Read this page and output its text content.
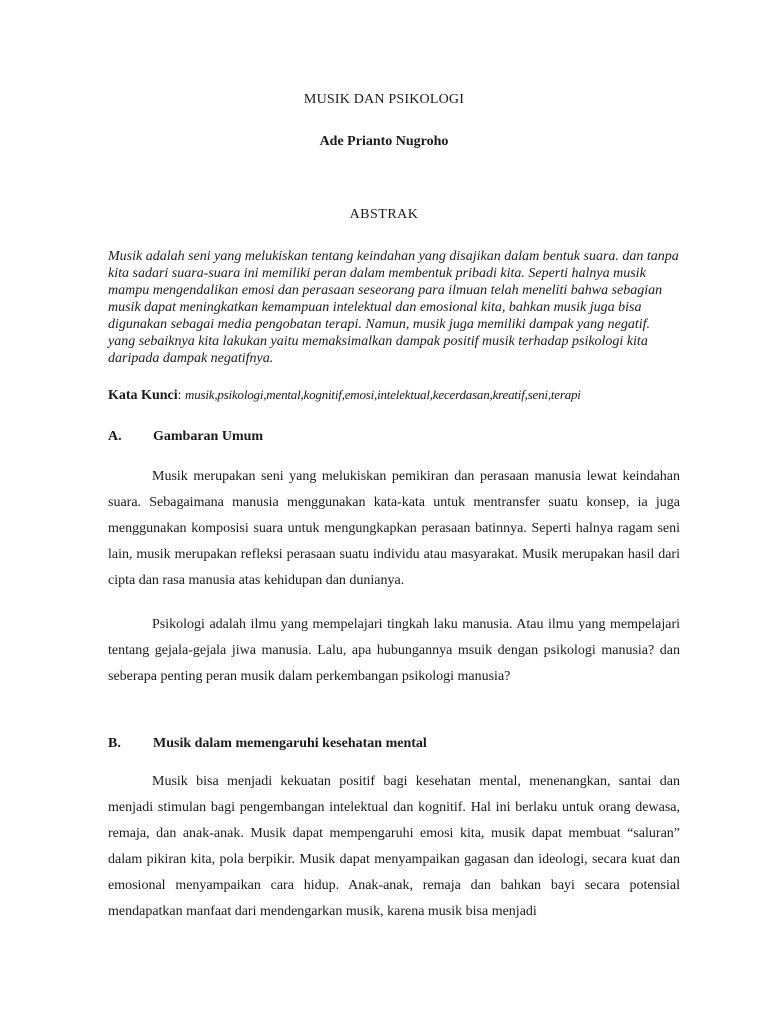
MUSIK DAN PSIKOLOGI
Ade Prianto Nugroho
ABSTRAK

Musik adalah seni yang melukiskan tentang keindahan yang disajikan dalam bentuk suara. dan tanpa kita sadari suara-suara ini memiliki peran dalam membentuk pribadi kita. Seperti halnya musik mampu mengendalikan emosi dan perasaan seseorang para ilmuan telah meneliti bahwa sebagian musik dapat meningkatkan kemampuan intelektual dan emosional kita, bahkan musik juga bisa digunakan sebagai media pengobatan terapi. Namun, musik juga memiliki dampak yang negatif. yang sebaiknya kita lakukan yaitu memaksimalkan dampak positif musik terhadap psikologi kita daripada dampak negatifnya.

Kata Kunci: musik,psikologi,mental,kognitif,emosi,intelektual,kecerdasan,kreatif,seni,terapi

A. Gambaran Umum

Musik merupakan seni yang melukiskan pemikiran dan perasaan manusia lewat keindahan suara. Sebagaimana manusia menggunakan kata-kata untuk mentransfer suatu konsep, ia juga menggunakan komposisi suara untuk mengungkapkan perasaan batinnya. Seperti halnya ragam seni lain, musik merupakan refleksi perasaan suatu individu atau masyarakat. Musik merupakan hasil dari cipta dan rasa manusia atas kehidupan dan dunianya.

Psikologi adalah ilmu yang mempelajari tingkah laku manusia. Atau ilmu yang mempelajari tentang gejala-gejala jiwa manusia. Lalu, apa hubungannya msuik dengan psikologi manusia? dan seberapa penting peran musik dalam perkembangan psikologi manusia?

B. Musik dalam memengaruhi kesehatan mental

Musik bisa menjadi kekuatan positif bagi kesehatan mental, menenangkan, santai dan menjadi stimulan bagi pengembangan intelektual dan kognitif. Hal ini berlaku untuk orang dewasa, remaja, dan anak-anak. Musik dapat mempengaruhi emosi kita, musik dapat membuat “saluran” dalam pikiran kita, pola berpikir. Musik dapat menyampaikan gagasan dan ideologi, secara kuat dan emosional menyampaikan cara hidup. Anak-anak, remaja dan bahkan bayi secara potensial mendapatkan manfaat dari mendengarkan musik, karena musik bisa menjadi
